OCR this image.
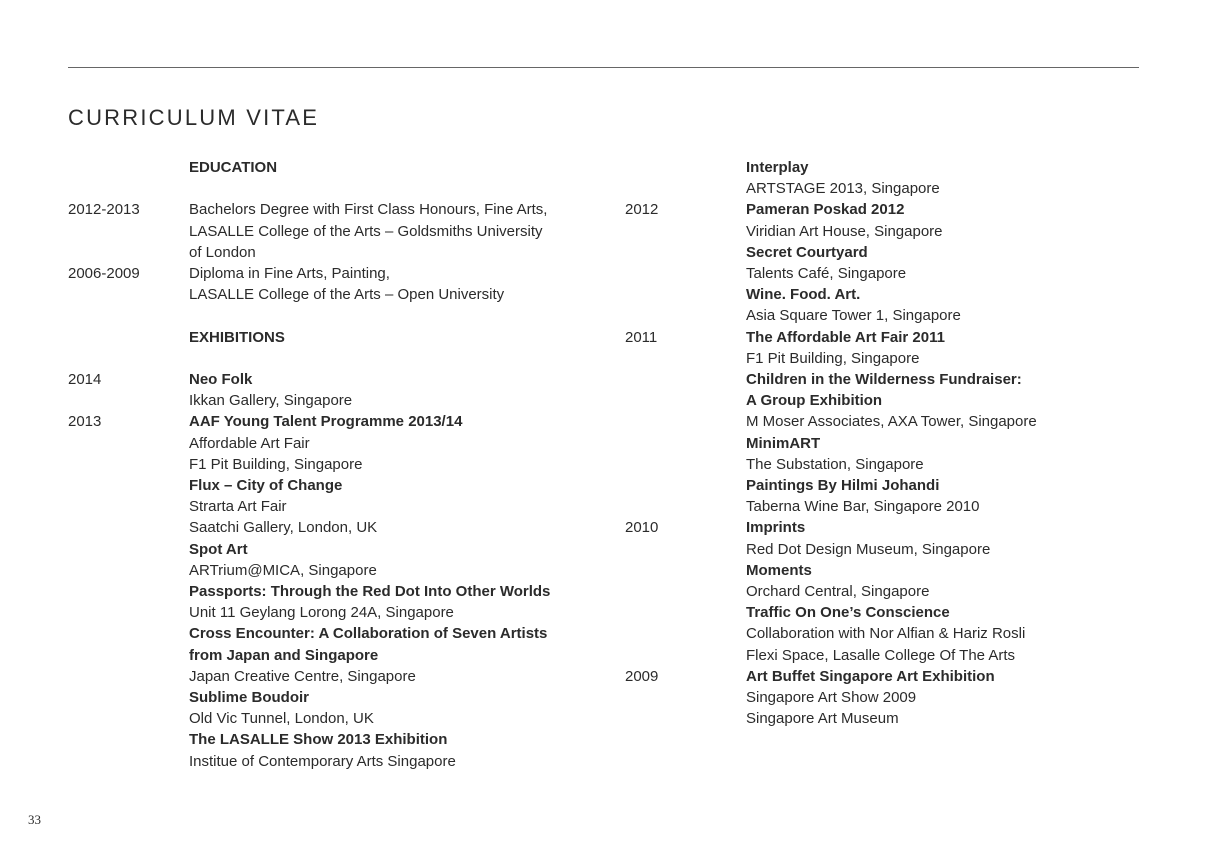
CURRICULUM VITAE
EDUCATION
2012-2013	Bachelors Degree with First Class Honours, Fine Arts,
LASALLE College of the Arts – Goldsmiths University
of London
2006-2009	Diploma in Fine Arts, Painting,
LASALLE College of the Arts – Open University
EXHIBITIONS
2014	Neo Folk
Ikkan Gallery, Singapore
2013	AAF Young Talent Programme 2013/14
Affordable Art Fair
F1 Pit Building, Singapore
Flux – City of Change
Strarta Art Fair
Saatchi Gallery, London, UK
Spot Art
ARTrium@MICA, Singapore
Passports: Through the Red Dot Into Other Worlds
Unit 11 Geylang Lorong 24A, Singapore
Cross Encounter: A Collaboration of Seven Artists
from Japan and Singapore
Japan Creative Centre, Singapore
Sublime Boudoir
Old Vic Tunnel, London, UK
The LASALLE Show 2013 Exhibition
Institue of Contemporary Arts Singapore
Interplay
ARTSTAGE 2013, Singapore
2012	Pameran Poskad 2012
Viridian Art House, Singapore
Secret Courtyard
Talents Café, Singapore
Wine. Food. Art.
Asia Square Tower 1, Singapore
2011	The Affordable Art Fair 2011
F1 Pit Building, Singapore
Children in the Wilderness Fundraiser:
A Group Exhibition
M Moser Associates, AXA Tower, Singapore
MinimART
The Substation, Singapore
Paintings By Hilmi Johandi
Taberna Wine Bar, Singapore 2010
2010	Imprints
Red Dot Design Museum, Singapore
Moments
Orchard Central, Singapore
Traffic On One’s Conscience
Collaboration with Nor Alfian & Hariz Rosli
Flexi Space, Lasalle College Of The Arts
2009	Art Buffet Singapore Art Exhibition
Singapore Art Show 2009
Singapore Art Museum
33
